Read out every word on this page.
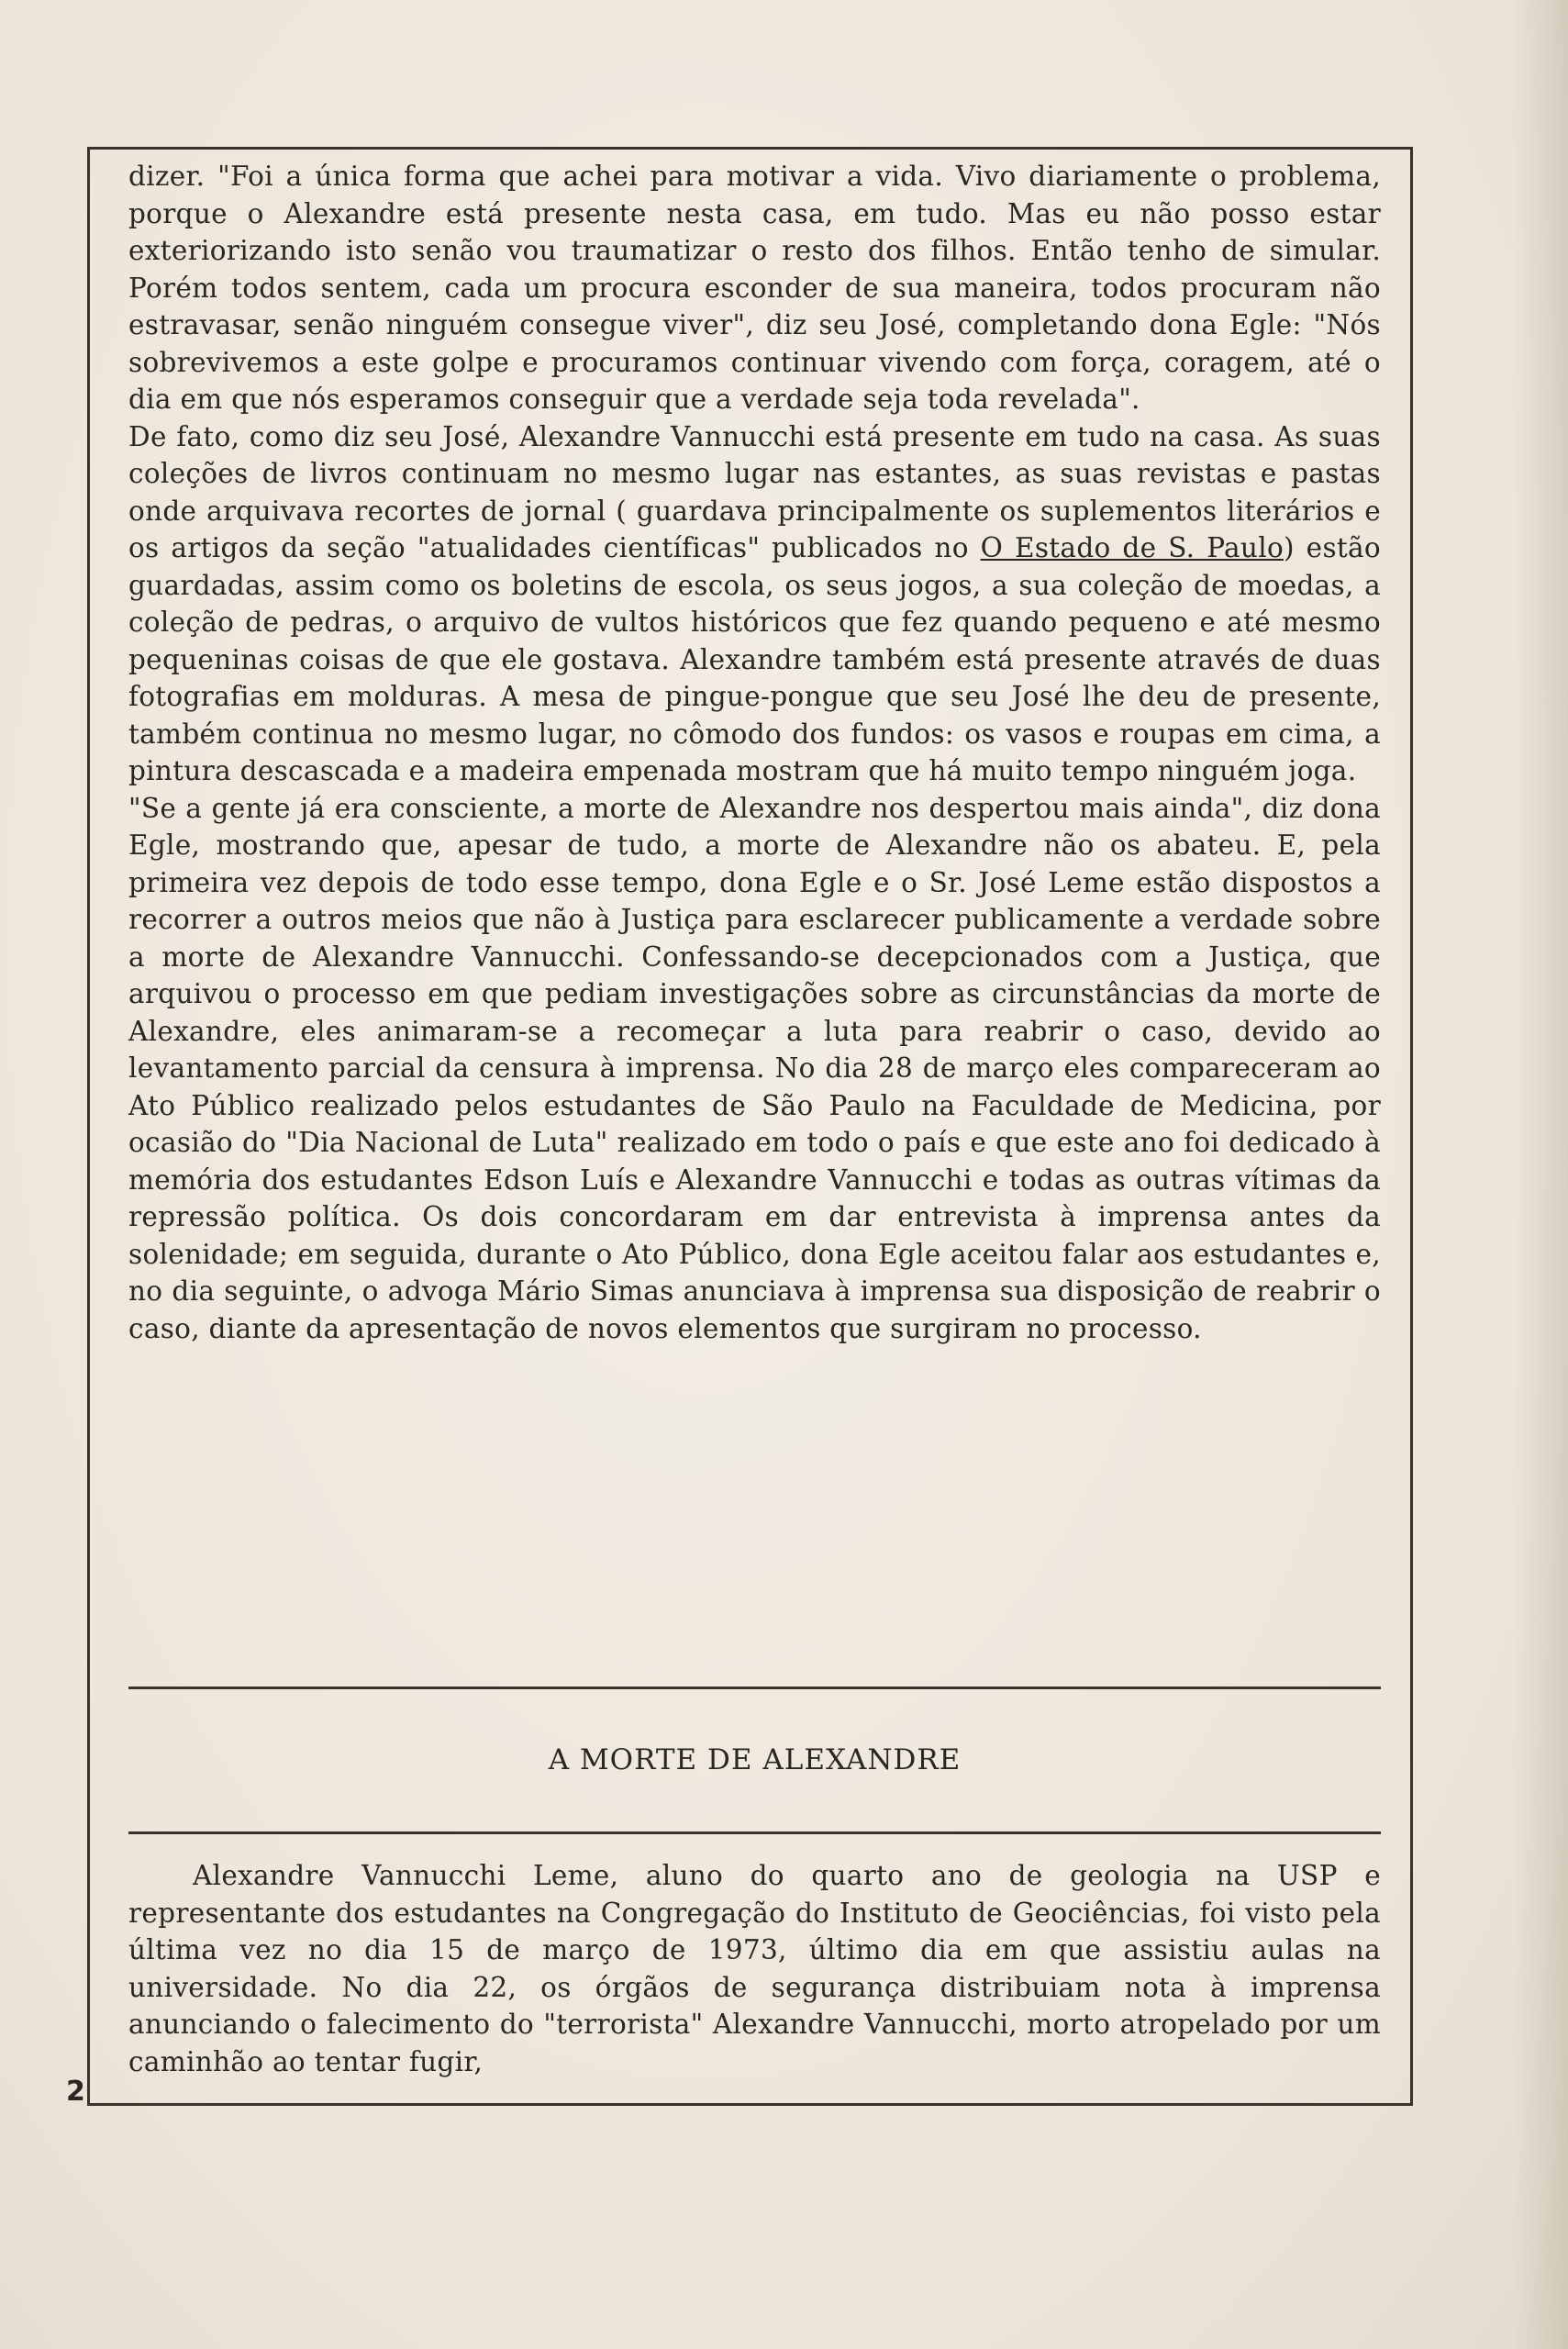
dizer. "Foi a única forma que achei para motivar a vida. Vivo diariamente o problema, porque o Alexandre está presente nesta casa, em tudo. Mas eu não posso estar exteriorizando isto senão vou traumatizar o resto dos filhos. Então tenho de simular. Porém todos sentem, cada um procura esconder de sua maneira, todos procuram não estravasar, senão ninguém consegue viver", diz seu José, completando dona Egle: "Nós sobrevivemos a este golpe e procuramos continuar vivendo com força, coragem, até o dia em que nós esperamos conseguir que a verdade seja toda revelada".

De fato, como diz seu José, Alexandre Vannucchi está presente em tudo na casa. As suas coleções de livros continuam no mesmo lugar nas estantes, as suas revistas e pastas onde arquivava recortes de jornal ( guardava principalmente os suplementos literários e os artigos da seção "atualidades científicas" publicados no O Estado de S. Paulo) estão guardadas, assim como os boletins de escola, os seus jogos, a sua coleção de moedas, a coleção de pedras, o arquivo de vultos históricos que fez quando pequeno e até mesmo pequeninas coisas de que ele gostava. Alexandre também está presente através de duas fotografias em molduras. A mesa de pingue-pongue que seu José lhe deu de presente, também continua no mesmo lugar, no cômodo dos fundos: os vasos e roupas em cima, a pintura descascada e a madeira empenada mostram que há muito tempo ninguém joga.

"Se a gente já era consciente, a morte de Alexandre nos despertou mais ainda", diz dona Egle, mostrando que, apesar de tudo, a morte de Alexandre não os abateu. E, pela primeira vez depois de todo esse tempo, dona Egle e o Sr. José Leme estão dispostos a recorrer a outros meios que não à Justiça para esclarecer publicamente a verdade sobre a morte de Alexandre Vannucchi. Confessando-se decepcionados com a Justiça, que arquivou o processo em que pediam investigações sobre as circunstâncias da morte de Alexandre, eles animaram-se a recomeçar a luta para reabrir o caso, devido ao levantamento parcial da censura à imprensa. No dia 28 de março eles compareceram ao Ato Público realizado pelos estudantes de São Paulo na Faculdade de Medicina, por ocasião do "Dia Nacional de Luta" realizado em todo o país e que este ano foi dedicado à memória dos estudantes Edson Luís e Alexandre Vannucchi e todas as outras vítimas da repressão política. Os dois concordaram em dar entrevista à imprensa antes da solenidade; em seguida, durante o Ato Público, dona Egle aceitou falar aos estudantes e, no dia seguinte, o advoga Mário Simas anunciava à imprensa sua disposição de reabrir o caso, diante da apresentação de novos elementos que surgiram no processo.

A MORTE DE ALEXANDRE

Alexandre Vannucchi Leme, aluno do quarto ano de geologia na USP e representante dos estudantes na Congregação do Instituto de Geociências, foi visto pela última vez no dia 15 de março de 1973, último dia em que assistiu aulas na universidade. No dia 22, os órgãos de segurança distribuiam nota à imprensa anunciando o falecimento do "terrorista" Alexandre Vannucchi, morto atropelado por um caminhão ao tentar fugir,

2
